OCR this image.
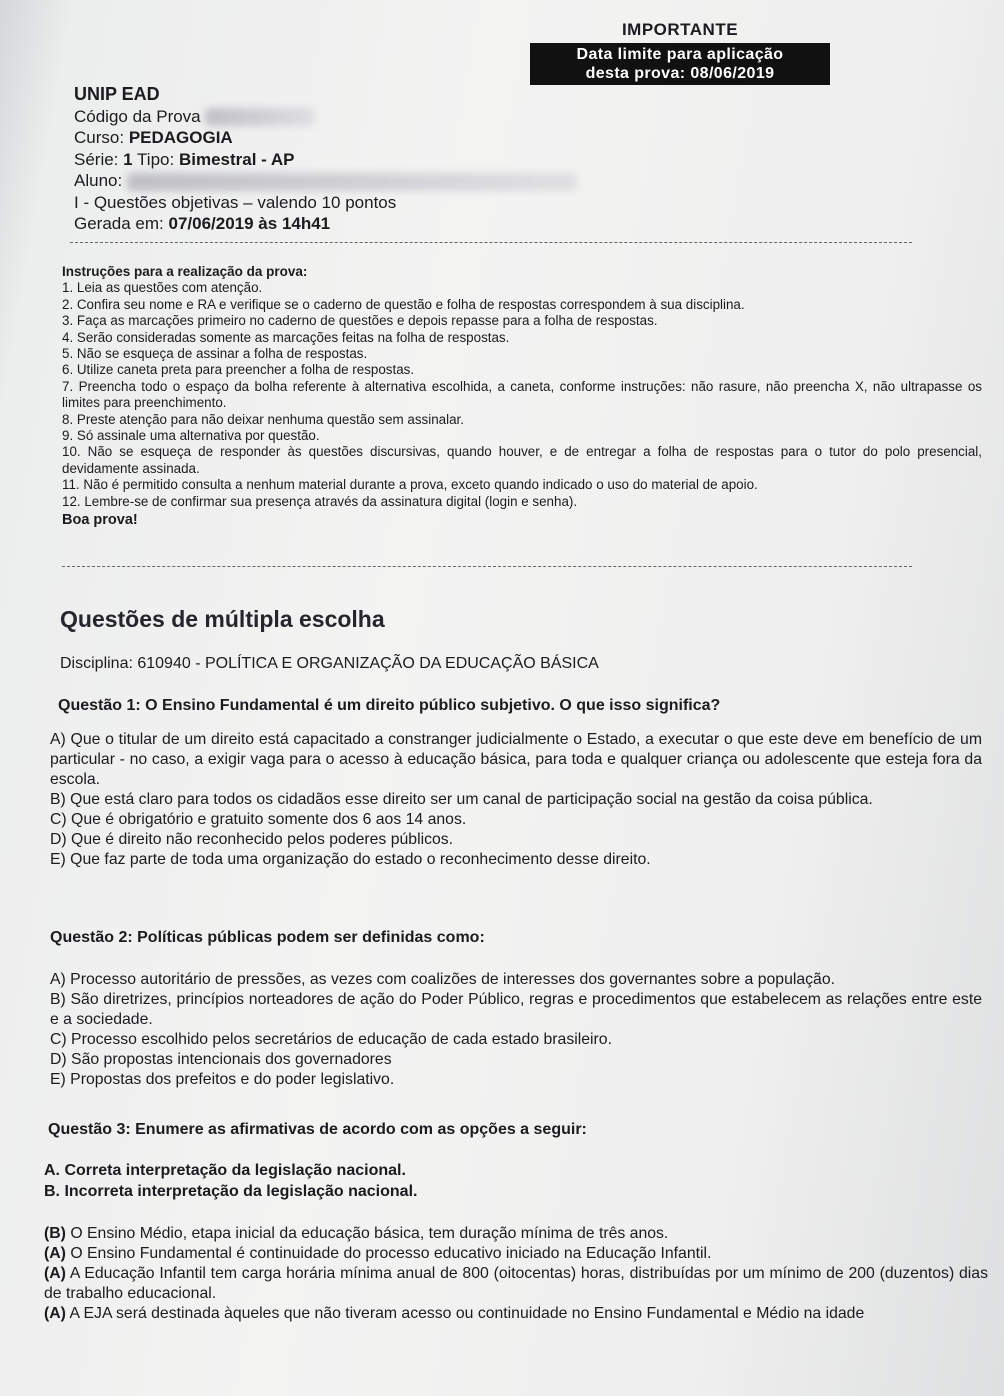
IMPORTANTE
Data limite para aplicação
desta prova: 08/06/2019
UNIP EAD
Código da Prova
Curso: PEDAGOGIA
Série: 1 Tipo: Bimestral - AP
Aluno:
I - Questões objetivas – valendo 10 pontos
Gerada em: 07/06/2019 às 14h41
Instruções para a realização da prova:
1. Leia as questões com atenção.
2. Confira seu nome e RA e verifique se o caderno de questão e folha de respostas correspondem à sua disciplina.
3. Faça as marcações primeiro no caderno de questões e depois repasse para a folha de respostas.
4. Serão consideradas somente as marcações feitas na folha de respostas.
5. Não se esqueça de assinar a folha de respostas.
6. Utilize caneta preta para preencher a folha de respostas.
7. Preencha todo o espaço da bolha referente à alternativa escolhida, a caneta, conforme instruções: não rasure, não preencha X, não ultrapasse os limites para preenchimento.
8. Preste atenção para não deixar nenhuma questão sem assinalar.
9. Só assinale uma alternativa por questão.
10. Não se esqueça de responder às questões discursivas, quando houver, e de entregar a folha de respostas para o tutor do polo presencial, devidamente assinada.
11. Não é permitido consulta a nenhum material durante a prova, exceto quando indicado o uso do material de apoio.
12. Lembre-se de confirmar sua presença através da assinatura digital (login e senha).
Boa prova!
Questões de múltipla escolha
Disciplina: 610940 - POLÍTICA E ORGANIZAÇÃO DA EDUCAÇÃO BÁSICA
Questão 1: O Ensino Fundamental é um direito público subjetivo. O que isso significa?
A) Que o titular de um direito está capacitado a constranger judicialmente o Estado, a executar o que este deve em benefício de um particular - no caso, a exigir vaga para o acesso à educação básica, para toda e qualquer criança ou adolescente que esteja fora da escola.
B) Que está claro para todos os cidadãos esse direito ser um canal de participação social na gestão da coisa pública.
C) Que é obrigatório e gratuito somente dos 6 aos 14 anos.
D) Que é direito não reconhecido pelos poderes públicos.
E) Que faz parte de toda uma organização do estado o reconhecimento desse direito.
Questão 2: Políticas públicas podem ser definidas como:
A) Processo autoritário de pressões, as vezes com coalizões de interesses dos governantes sobre a população.
B) São diretrizes, princípios norteadores de ação do Poder Público, regras e procedimentos que estabelecem as relações entre este e a sociedade.
C) Processo escolhido pelos secretários de educação de cada estado brasileiro.
D) São propostas intencionais dos governadores
E) Propostas dos prefeitos e do poder legislativo.
Questão 3: Enumere as afirmativas de acordo com as opções a seguir:
A. Correta interpretação da legislação nacional.
B. Incorreta interpretação da legislação nacional.
(B) O Ensino Médio, etapa inicial da educação básica, tem duração mínima de três anos.
(A) O Ensino Fundamental é continuidade do processo educativo iniciado na Educação Infantil.
(A) A Educação Infantil tem carga horária mínima anual de 800 (oitocentas) horas, distribuídas por um mínimo de 200 (duzentos) dias de trabalho educacional.
(A) A EJA será destinada àqueles que não tiveram acesso ou continuidade no Ensino Fundamental e Médio na idade
